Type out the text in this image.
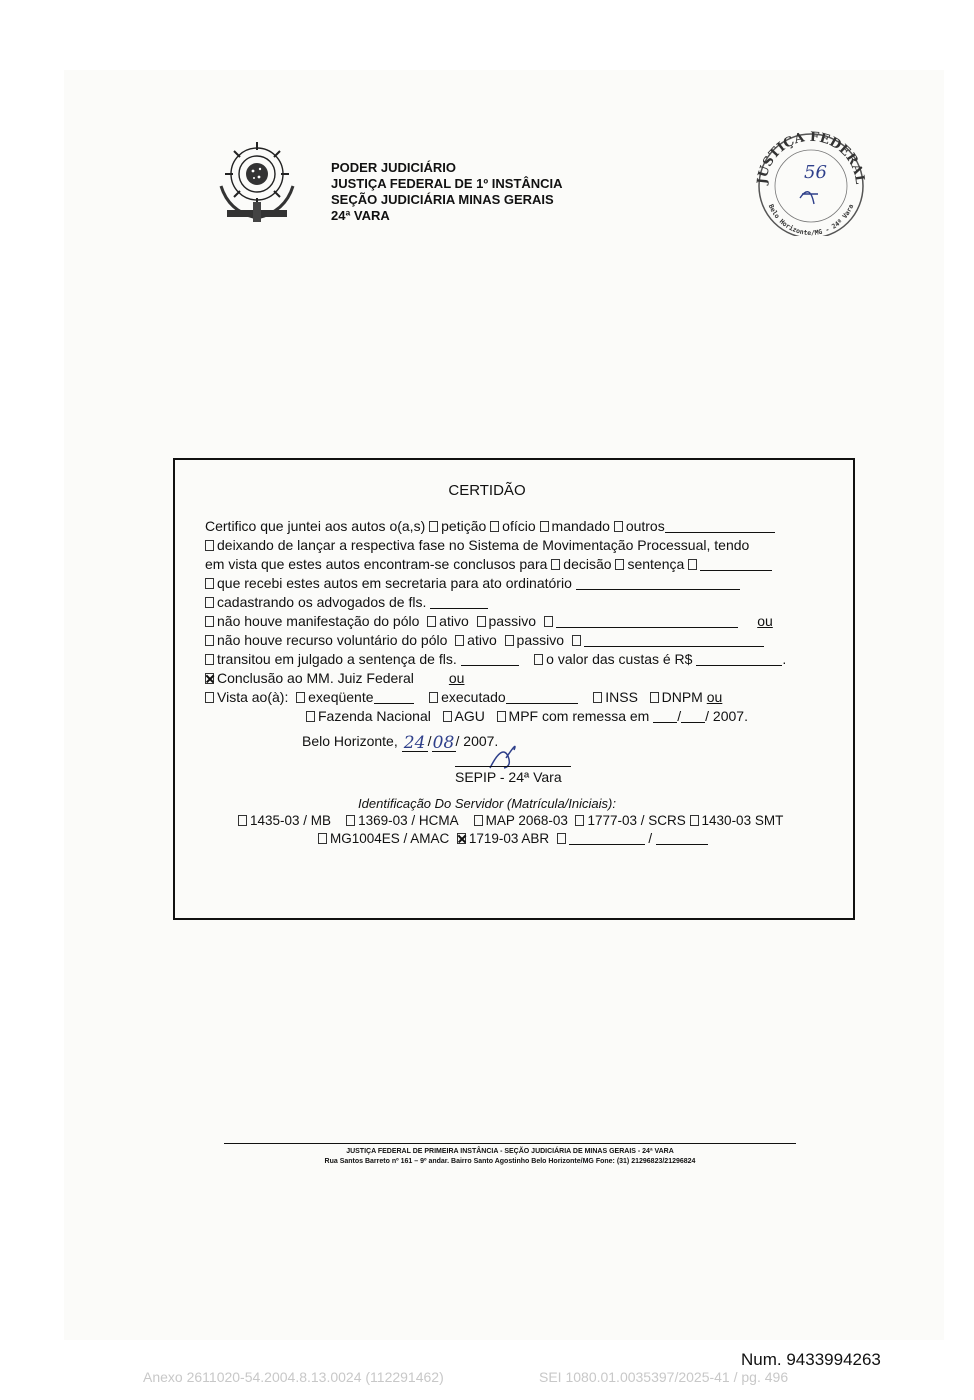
PODER JUDICIÁRIO
JUSTIÇA FEDERAL DE 1º INSTÂNCIA
SEÇÃO JUDICIÁRIA MINAS GERAIS
24ª VARA
JUSTIÇA FEDERAL
Belo Horizonte/MG - 24ª Vara
56
CERTIDÃO
Certifico que juntei aos autos o(a,s) petição ofício mandado outros
deixando de lançar a respectiva fase no Sistema de Movimentação Processual, tendo
em vista que estes autos encontram-se conclusos para decisão sentença
que recebi estes autos em secretaria para ato ordinatório
cadastrando os advogados de fls.
não houve manifestação do pólo ativo passivo	ou
não houve recurso voluntário do pólo ativo passivo
transitou em julgado a sentença de fls.	o valor das custas é R$	.
Conclusão ao MM. Juiz Federal	ou
Vista ao(à): exeqüente	executado	INSS DNPM ou
Fazenda Nacional AGU MPF com remessa em / / 2007.
Belo Horizonte, 24 /08/ 2007.
SEPIP - 24ª Vara
Identificação Do Servidor (Matrícula/Iniciais):
1435-03 / MB 1369-03 / HCMA MAP 2068-03 1777-03 / SCRS 1430-03 SMT
MG1004ES / AMAC 1719-03 ABR	/
JUSTIÇA FEDERAL DE PRIMEIRA INSTÂNCIA - SEÇÃO JUDICIÁRIA DE MINAS GERAIS - 24ª VARA
Rua Santos Barreto nº 161 – 9º andar. Bairro Santo Agostinho Belo Horizonte/MG Fone: (31) 21296823/21296824
Num. 9433994263
Anexo 2611020-54.2004.8.13.0024 (112291462)	SEI 1080.01.0035397/2025-41 / pg. 496
